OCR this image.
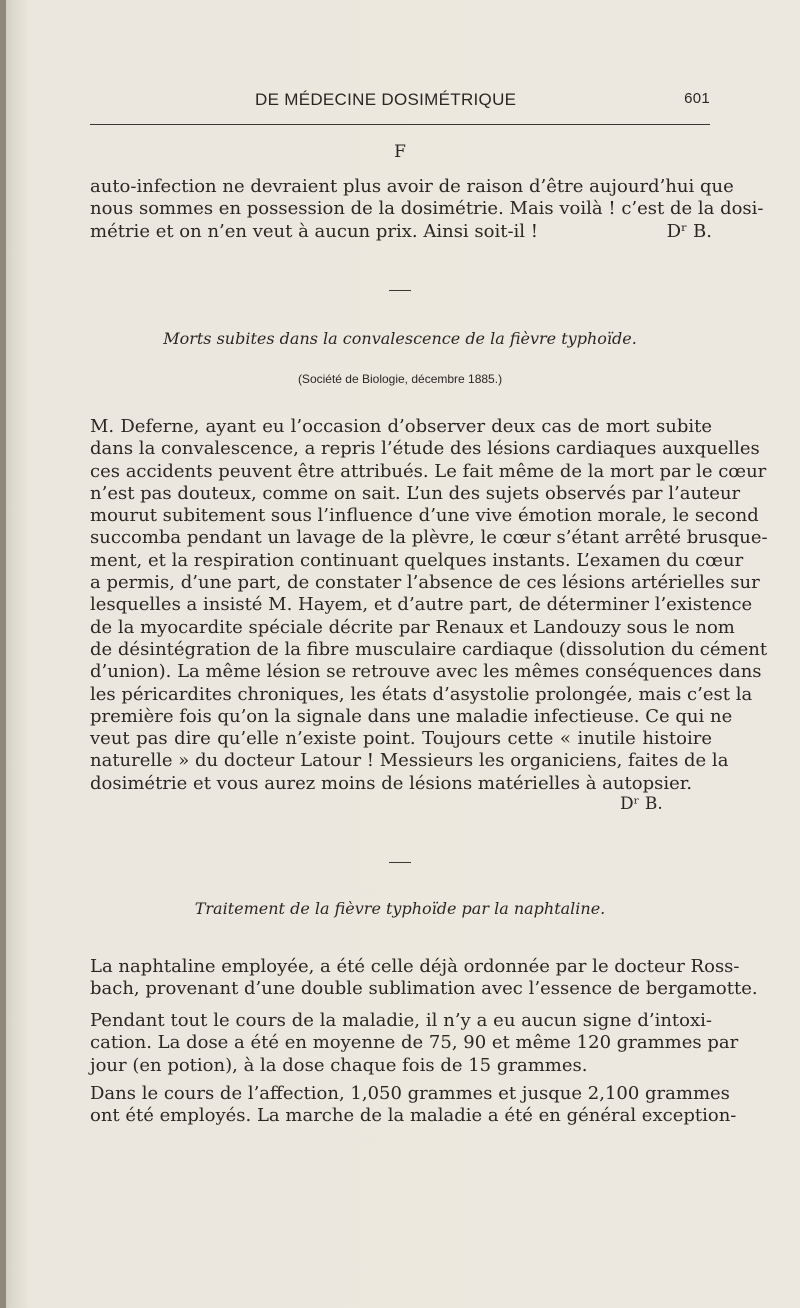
DE MÉDECINE DOSIMÉTRIQUE	601
F
auto-infection ne devraient plus avoir de raison d’être aujourd’hui que
nous sommes en possession de la dosimétrie. Mais voilà ! c’est de la dosi-
métrie et on n’en veut à aucun prix. Ainsi soit-il !	Dʳ B.
Morts subites dans la convalescence de la fièvre typhoïde.
(Société de Biologie, décembre 1885.)
M. Deferne, ayant eu l’occasion d’observer deux cas de mort subite
dans la convalescence, a repris l’étude des lésions cardiaques auxquelles
ces accidents peuvent être attribués. Le fait même de la mort par le cœur
n’est pas douteux, comme on sait. L’un des sujets observés par l’auteur
mourut subitement sous l’influence d’une vive émotion morale, le second
succomba pendant un lavage de la plèvre, le cœur s’étant arrêté brusque-
ment, et la respiration continuant quelques instants. L’examen du cœur
a permis, d’une part, de constater l’absence de ces lésions artérielles sur
lesquelles a insisté M. Hayem, et d’autre part, de déterminer l’existence
de la myocardite spéciale décrite par Renaux et Landouzy sous le nom
de désintégration de la fibre musculaire cardiaque (dissolution du cément
d’union). La même lésion se retrouve avec les mêmes conséquences dans
les péricardites chroniques, les états d’asystolie prolongée, mais c’est la
première fois qu’on la signale dans une maladie infectieuse. Ce qui ne
veut pas dire qu’elle n’existe point. Toujours cette « inutile histoire
naturelle » du docteur Latour ! Messieurs les organiciens, faites de la
dosimétrie et vous aurez moins de lésions matérielles à autopsier.
Dʳ B.
Traitement de la fièvre typhoïde par la naphtaline.
La naphtaline employée, a été celle déjà ordonnée par le docteur Ross-
bach, provenant d’une double sublimation avec l’essence de bergamotte.
Pendant tout le cours de la maladie, il n’y a eu aucun signe d’intoxi-
cation. La dose a été en moyenne de 75, 90 et même 120 grammes par
jour (en potion), à la dose chaque fois de 15 grammes.
Dans le cours de l’affection, 1,050 grammes et jusque 2,100 grammes
ont été employés. La marche de la maladie a été en général exception-
